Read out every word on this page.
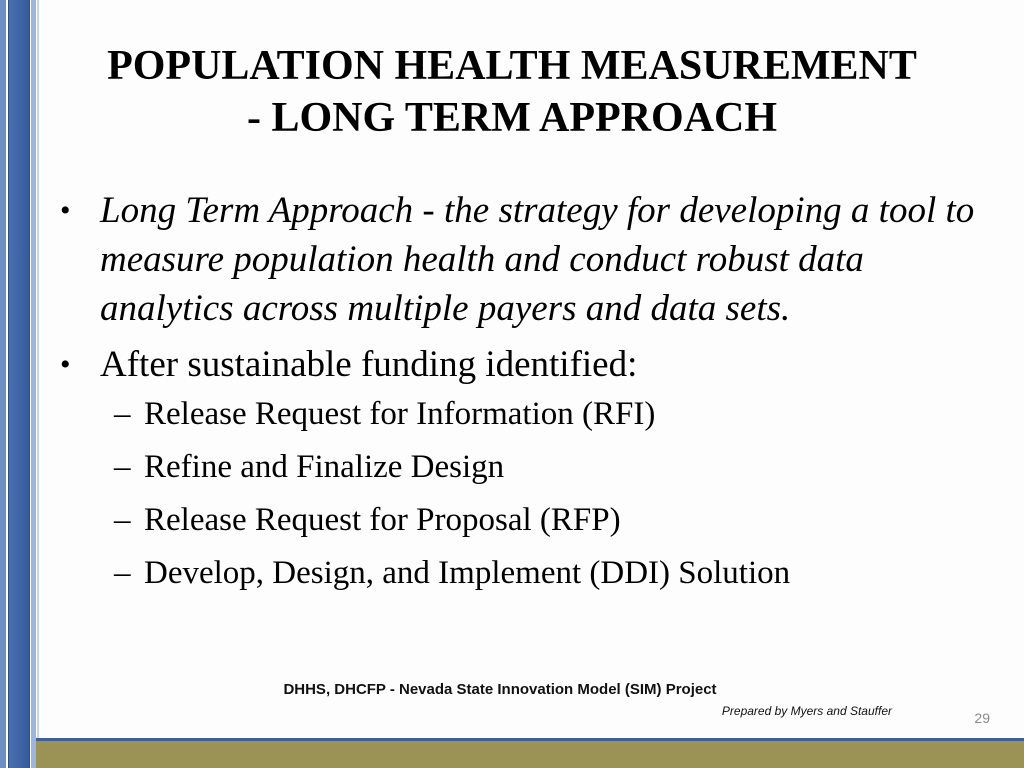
POPULATION HEALTH MEASUREMENT
- LONG TERM APPROACH
• Long Term Approach - the strategy for developing a tool to measure population health and conduct robust data analytics across multiple payers and data sets.
• After sustainable funding identified:
– Release Request for Information (RFI)
– Refine and Finalize Design
– Release Request for Proposal (RFP)
– Develop, Design, and Implement (DDI) Solution
DHHS, DHCFP - Nevada State Innovation Model (SIM) Project
Prepared by Myers and Stauffer	29
